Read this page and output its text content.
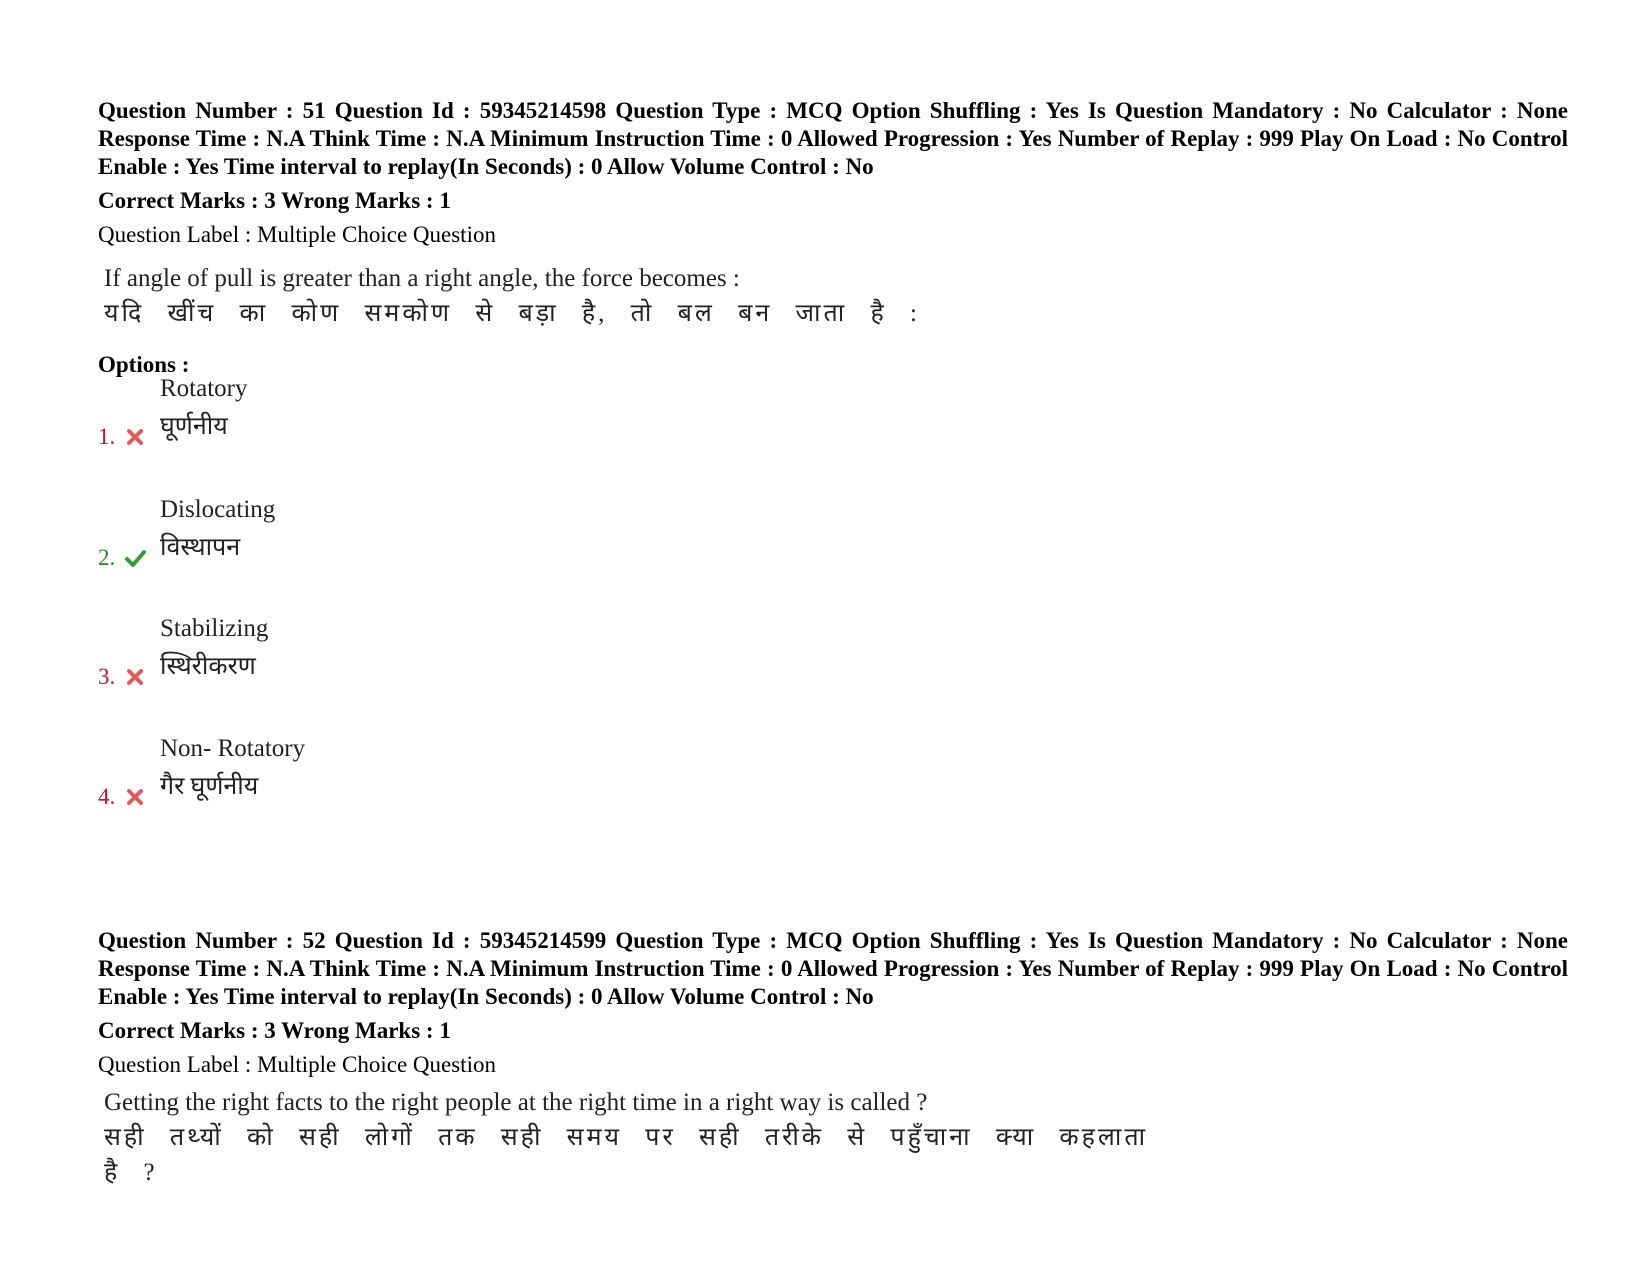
Question Number : 51 Question Id : 59345214598 Question Type : MCQ Option Shuffling : Yes Is Question Mandatory : No Calculator : None Response Time : N.A Think Time : N.A Minimum Instruction Time : 0 Allowed Progression : Yes Number of Replay : 999 Play On Load : No Control Enable : Yes Time interval to replay(In Seconds) : 0 Allow Volume Control : No

Correct Marks : 3 Wrong Marks : 1

Question Label : Multiple Choice Question

If angle of pull is greater than a right angle, the force becomes :
यदि खींच का कोण समकोण से बड़ा है, तो बल बन जाता है :

Options :

1.
Rotatory
घूर्णनीय
2.
Dislocating
विस्थापन
3.
Stabilizing
स्थिरीकरण
4.
Non- Rotatory
गैर घूर्णनीय

Question Number : 52 Question Id : 59345214599 Question Type : MCQ Option Shuffling : Yes Is Question Mandatory : No Calculator : None Response Time : N.A Think Time : N.A Minimum Instruction Time : 0 Allowed Progression : Yes Number of Replay : 999 Play On Load : No Control Enable : Yes Time interval to replay(In Seconds) : 0 Allow Volume Control : No

Correct Marks : 3 Wrong Marks : 1

Question Label : Multiple Choice Question

Getting the right facts to the right people at the right time in a right way is called ?
सही तथ्यों को सही लोगों तक सही समय पर सही तरीके से पहुँचाना क्या कहलाता
है ?
